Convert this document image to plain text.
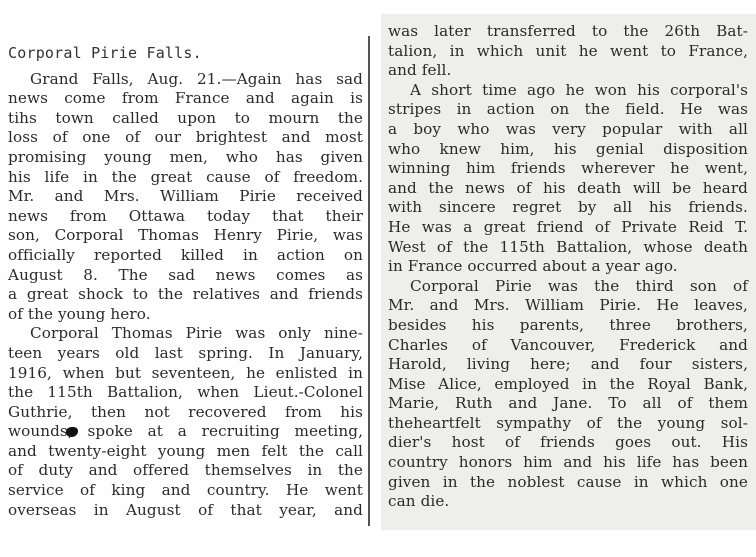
Corporal Pirie Falls.
Grand Falls, Aug. 21.—Again has sad
news come from France and again is
tihs town called upon to mourn the
loss of one of our brightest and most
promising young men, who has given
his life in the great cause of freedom.
Mr. and Mrs. William Pirie received
news from Ottawa today that their
son, Corporal Thomas Henry Pirie, was
officially reported killed in action on
August 8. The sad news comes as
a great shock to the relatives and friends
of the young hero.
Corporal Thomas Pirie was only nine-
teen years old last spring. In January,
1916, when but seventeen, he enlisted in
the 115th Battalion, when Lieut.-Colonel
Guthrie, then not recovered from his
wounds, spoke at a recruiting meeting,
and twenty-eight young men felt the call
of duty and offered themselves in the
service of king and country. He went
overseas in August of that year, and
was later transferred to the 26th Bat-
talion, in which unit he went to France,
and fell.
A short time ago he won his corporal's
stripes in action on the field. He was
a boy who was very popular with all
who knew him, his genial disposition
winning him friends wherever he went,
and the news of his death will be heard
with sincere regret by all his friends.
He was a great friend of Private Reid T.
West of the 115th Battalion, whose death
in France occurred about a year ago.
Corporal Pirie was the third son of
Mr. and Mrs. William Pirie. He leaves,
besides his parents, three brothers,
Charles of Vancouver, Frederick and
Harold, living here; and four sisters,
Mise Alice, employed in the Royal Bank,
Marie, Ruth and Jane. To all of them
theheartfelt sympathy of the young sol-
dier's host of friends goes out. His
country honors him and his life has been
given in the noblest cause in which one
can die.
